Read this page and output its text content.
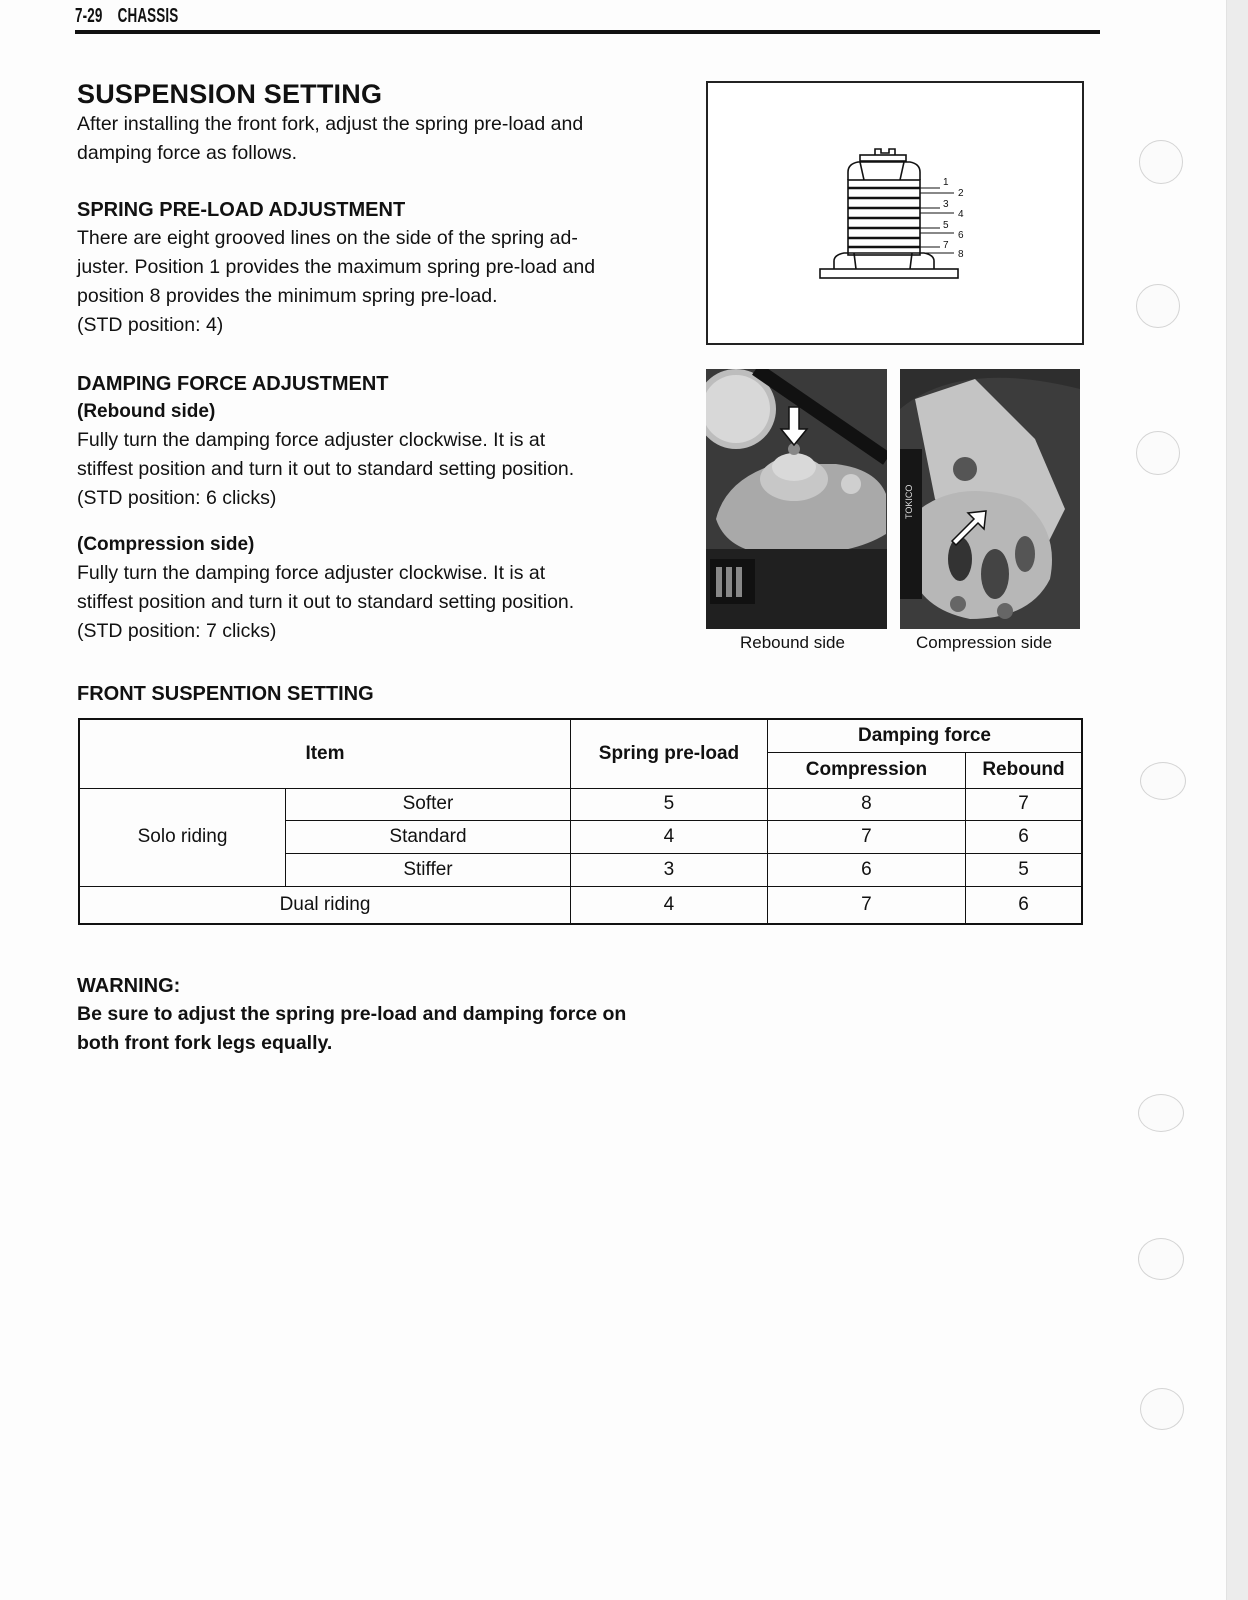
7-29 CHASSIS
SUSPENSION SETTING

After installing the front fork, adjust the spring pre-load and

damping force as follows.

SPRING PRE-LOAD ADJUSTMENT

There are eight grooved lines on the side of the spring ad-

juster. Position 1 provides the maximum spring pre-load and

position 8 provides the minimum spring pre-load.

(STD position: 4)

DAMPING FORCE ADJUSTMENT

(Rebound side)

Fully turn the damping force adjuster clockwise. It is at

stiffest position and turn it out to standard setting position.

(STD position: 6 clicks)

(Compression side)

Fully turn the damping force adjuster clockwise. It is at

stiffest position and turn it out to standard setting position.

(STD position: 7 clicks)

1
2
3
4
5
6
7
8
TOKICO
Rebound side	Compression side
FRONT SUSPENTION SETTING
Item		Spring pre-load	Damping force	
			Compression	Rebound
Solo riding	Softer	5	8	7
	Standard	4	7	6
	Stiffer	3	6	5
Dual riding		4	7	6

WARNING:

Be sure to adjust the spring pre-load and damping force on

both front fork legs equally.
